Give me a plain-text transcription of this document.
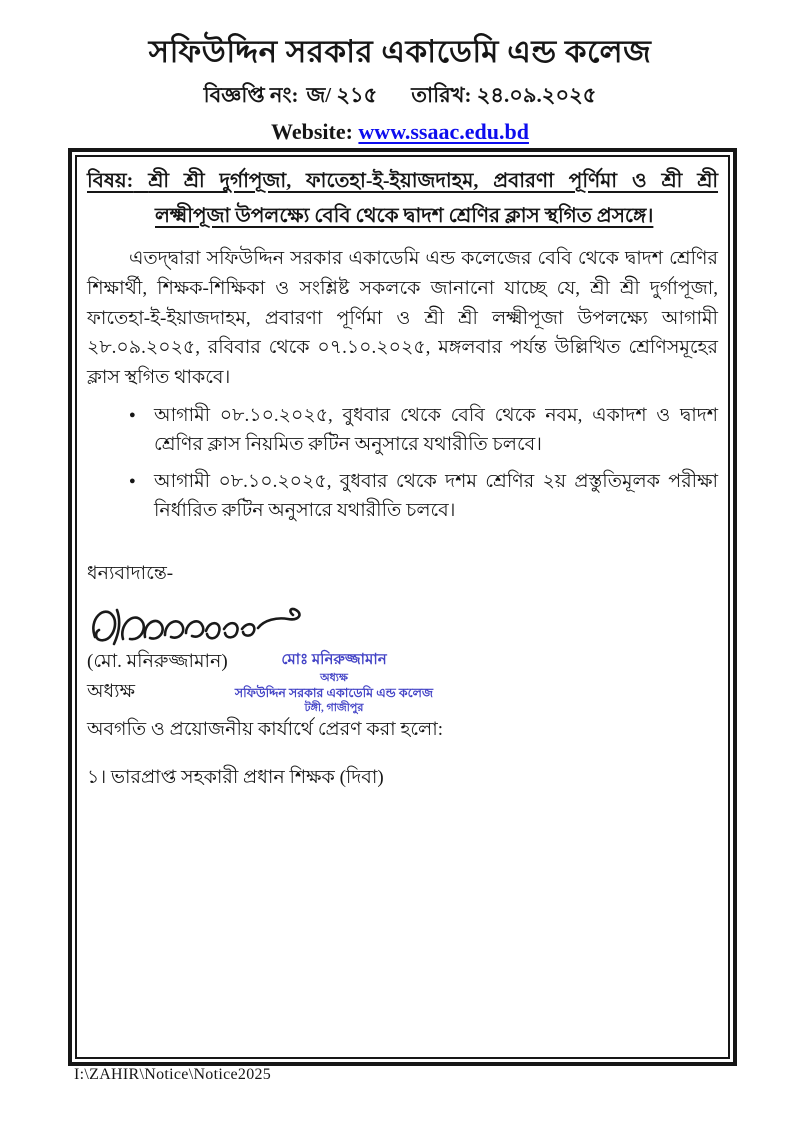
সফিউদ্দিন সরকার একাডেমি এন্ড কলেজ
বিজ্ঞপ্তি নং: জ/ ২১৫ তারিখ: ২৪.০৯.২০২৫
Website: www.ssaac.edu.bd
বিষয়: শ্রী শ্রী দুর্গাপূজা, ফাতেহা-ই-ইয়াজদাহম, প্রবারণা পূর্ণিমা ও শ্রী শ্রী
লক্ষ্মীপূজা উপলক্ষ্যে বেবি থেকে দ্বাদশ শ্রেণির ক্লাস স্থগিত প্রসঙ্গে।

এতদ্দ্বারা সফিউদ্দিন সরকার একাডেমি এন্ড কলেজের বেবি থেকে দ্বাদশ শ্রেণির শিক্ষার্থী, শিক্ষক-শিক্ষিকা ও সংশ্লিষ্ট সকলকে জানানো যাচ্ছে যে, শ্রী শ্রী দুর্গাপূজা, ফাতেহা-ই-ইয়াজদাহম, প্রবারণা পূর্ণিমা ও শ্রী শ্রী লক্ষ্মীপূজা উপলক্ষ্যে আগামী ২৮.০৯.২০২৫, রবিবার থেকে ০৭.১০.২০২৫, মঙ্গলবার পর্যন্ত উল্লিখিত শ্রেণিসমূহের ক্লাস স্থগিত থাকবে।

● আগামী ০৮.১০.২০২৫, বুধবার থেকে বেবি থেকে নবম, একাদশ ও দ্বাদশ শ্রেণির ক্লাস নিয়মিত রুটিন অনুসারে যথারীতি চলবে।
● আগামী ০৮.১০.২০২৫, বুধবার থেকে দশম শ্রেণির ২য় প্রস্তুতিমূলক পরীক্ষা নির্ধারিত রুটিন অনুসারে যথারীতি চলবে।
ধন্যবাদান্তে-
(মো. মনিরুজ্জামান)
অধ্যক্ষ
মোঃ মনিরুজ্জামান
অধ্যক্ষ
সফিউদ্দিন সরকার একাডেমি এন্ড কলেজ
টঙ্গী, গাজীপুর
অবগতি ও প্রয়োজনীয় কার্যার্থে প্রেরণ করা হলো:
১। ভারপ্রাপ্ত সহকারী প্রধান শিক্ষক (দিবা)
I:\ZAHIR\Notice\Notice2025
